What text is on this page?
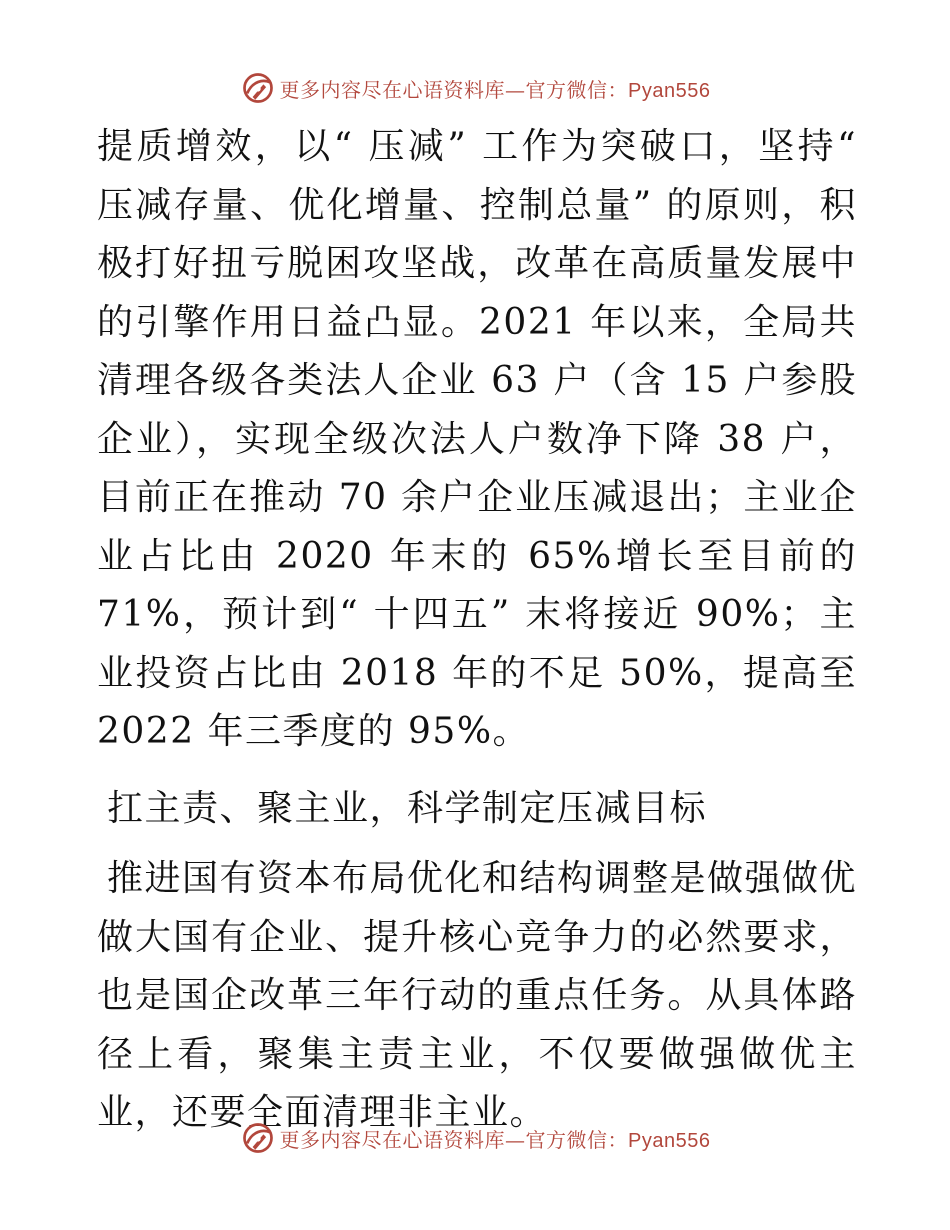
更多内容尽在心语资料库—官方微信：Pyan556

提质增效，以“ 压减” 工作为突破口，坚持“ 压减存量、优化增量、控制总量” 的原则，积极打好扭亏脱困攻坚战，改革在高质量发展中的引擎作用日益凸显。2021 年以来，全局共清理各级各类法人企业 63 户（含 15 户参股企业），实现全级次法人户数净下降 38 户，目前正在推动 70 余户企业压减退出；主业企业占比由 2020 年末的 65%增长至目前的 71%，预计到“ 十四五” 末将接近 90%；主业投资占比由 2018 年的不足 50%，提高至 2022 年三季度的 95%。

扛主责、聚主业，科学制定压减目标

推进国有资本布局优化和结构调整是做强做优做大国有企业、提升核心竞争力的必然要求，也是国企改革三年行动的重点任务。从具体路径上看，聚集主责主业，不仅要做强做优主业，还要全面清理非主业。

更多内容尽在心语资料库—官方微信：Pyan556
